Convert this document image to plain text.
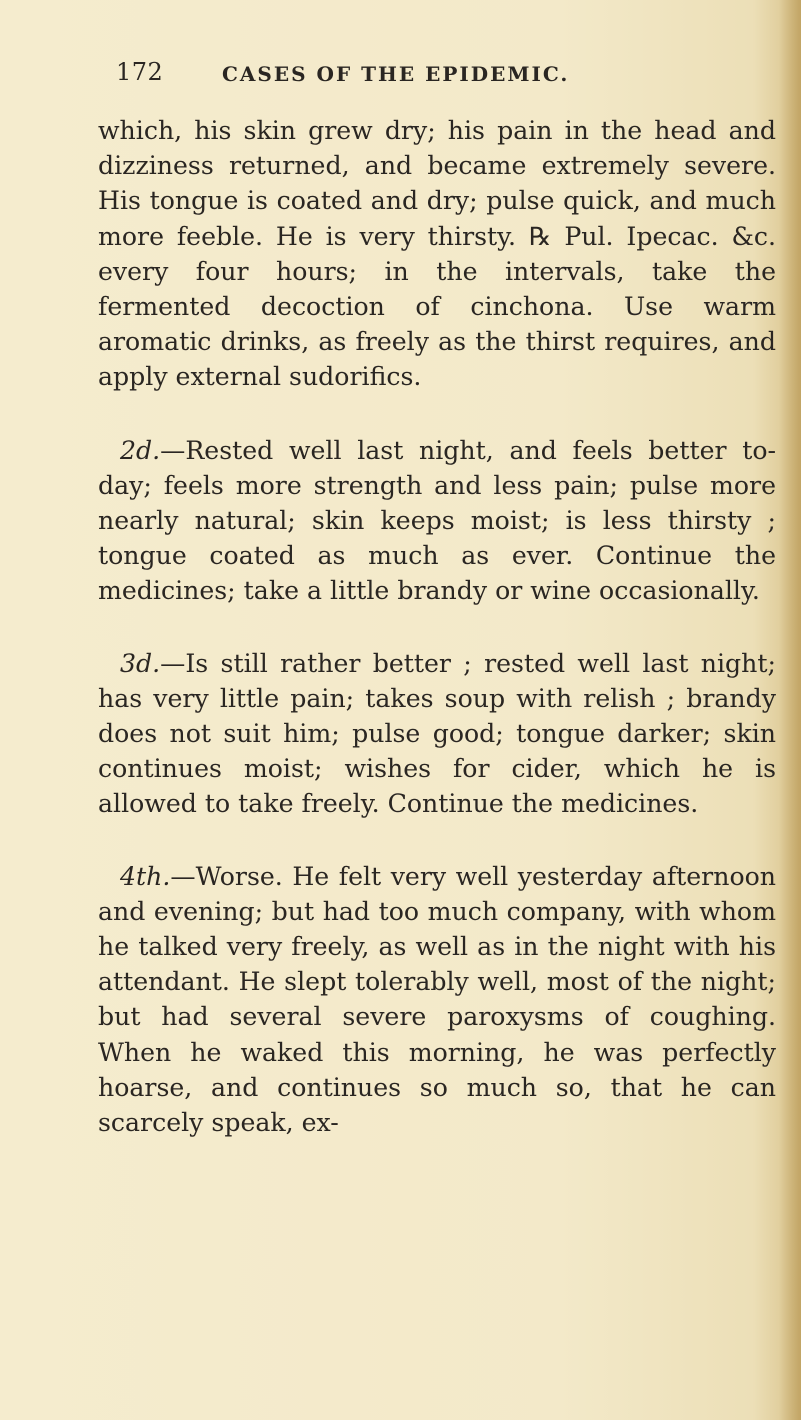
172	CASES OF THE EPIDEMIC.

which, his skin grew dry; his pain in the head and dizziness returned, and became extremely severe. His tongue is coated and dry; pulse quick, and much more feeble. He is very thirsty. ℞ Pul. Ipecac. &c. every four hours; in the intervals, take the fermented decoction of cinchona. Use warm aromatic drinks, as freely as the thirst requires, and apply external sudorifics.

2d.—Rested well last night, and feels better to-day; feels more strength and less pain; pulse more nearly natural; skin keeps moist; is less thirsty ; tongue coated as much as ever. Continue the medicines; take a little brandy or wine occasionally.

3d.—Is still rather better ; rested well last night; has very little pain; takes soup with relish ; brandy does not suit him; pulse good; tongue darker; skin continues moist; wishes for cider, which he is allowed to take freely. Continue the medicines.

4th.—Worse. He felt very well yesterday afternoon and evening; but had too much company, with whom he talked very freely, as well as in the night with his attendant. He slept tolerably well, most of the night; but had several severe paroxysms of coughing. When he waked this morning, he was perfectly hoarse, and continues so much so, that he can scarcely speak, ex-
